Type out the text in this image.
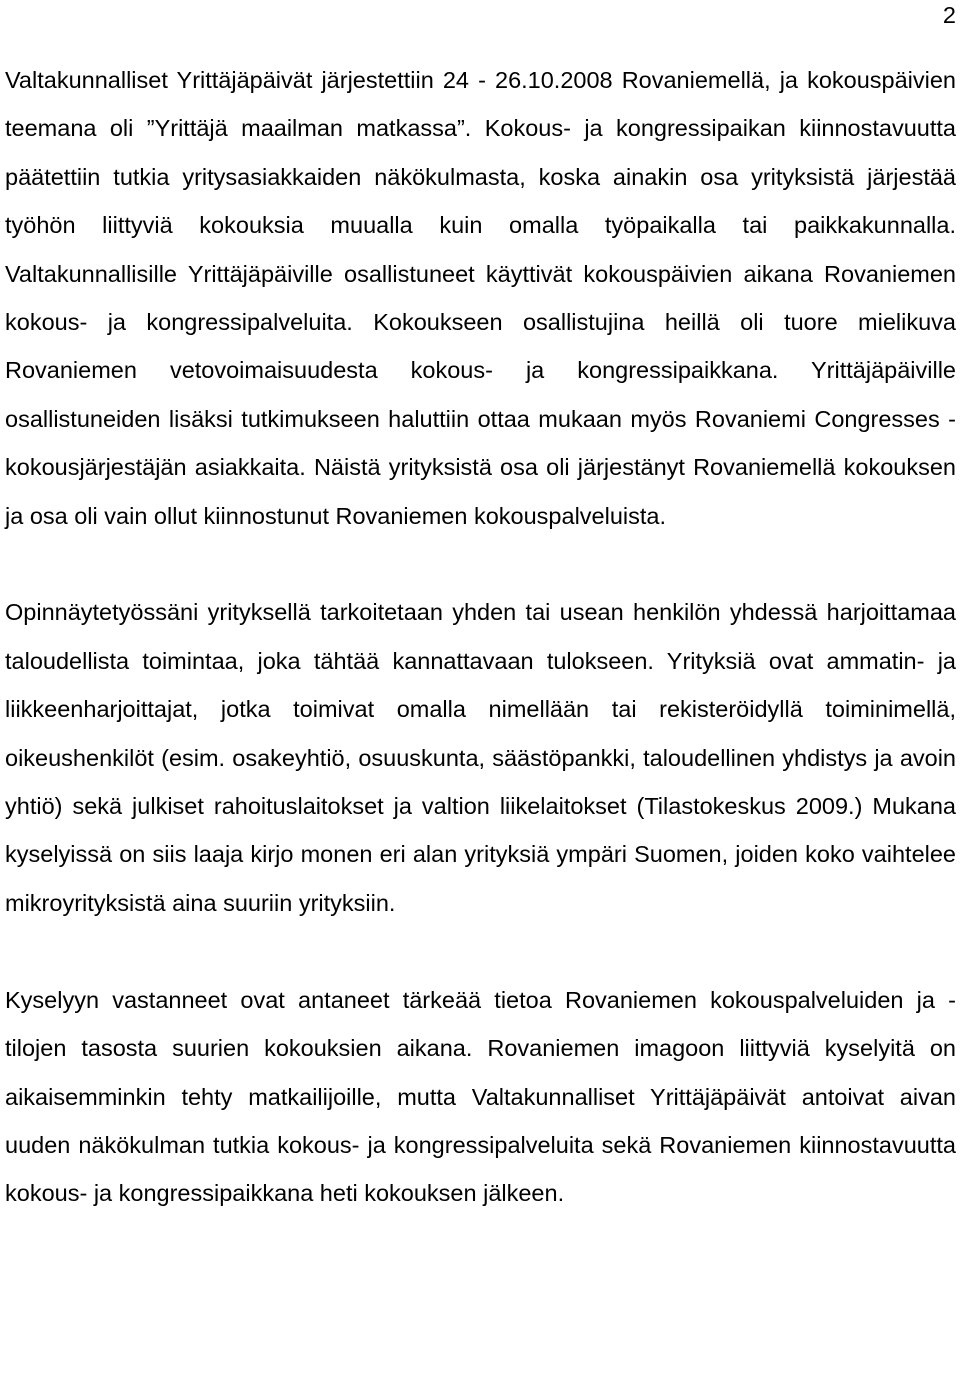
2

Valtakunnalliset Yrittäjäpäivät järjestettiin 24 - 26.10.2008 Rovaniemellä, ja kokouspäivien teemana oli ”Yrittäjä maailman matkassa”. Kokous- ja kongressipaikan kiinnostavuutta päätettiin tutkia yritysasiakkaiden näkökulmasta, koska ainakin osa yrityksistä järjestää työhön liittyviä kokouksia muualla kuin omalla työpaikalla tai paikkakunnalla. Valtakunnallisille Yrittäjäpäiville osallistuneet käyttivät kokouspäivien aikana Rovaniemen kokous- ja kongressipalveluita. Kokoukseen osallistujina heillä oli tuore mielikuva Rovaniemen vetovoimaisuudesta kokous- ja kongressipaikkana. Yrittäjäpäiville osallistuneiden lisäksi tutkimukseen haluttiin ottaa mukaan myös Rovaniemi Congresses - kokousjärjestäjän asiakkaita. Näistä yrityksistä osa oli järjestänyt Rovaniemellä kokouksen ja osa oli vain ollut kiinnostunut Rovaniemen kokouspalveluista.

Opinnäytetyössäni yrityksellä tarkoitetaan yhden tai usean henkilön yhdessä harjoittamaa taloudellista toimintaa, joka tähtää kannattavaan tulokseen. Yrityksiä ovat ammatin- ja liikkeenharjoittajat, jotka toimivat omalla nimellään tai rekisteröidyllä toiminimellä, oikeushenkilöt (esim. osakeyhtiö, osuuskunta, säästöpankki, taloudellinen yhdistys ja avoin yhtiö) sekä julkiset rahoituslaitokset ja valtion liikelaitokset (Tilastokeskus 2009.) Mukana kyselyissä on siis laaja kirjo monen eri alan yrityksiä ympäri Suomen, joiden koko vaihtelee mikroyrityksistä aina suuriin yrityksiin.

Kyselyyn vastanneet ovat antaneet tärkeää tietoa Rovaniemen kokouspalveluiden ja -tilojen tasosta suurien kokouksien aikana. Rovaniemen imagoon liittyviä kyselyitä on aikaisemminkin tehty matkailijoille, mutta Valtakunnalliset Yrittäjäpäivät antoivat aivan uuden näkökulman tutkia kokous- ja kongressipalveluita sekä Rovaniemen kiinnostavuutta kokous- ja kongressipaikkana heti kokouksen jälkeen.
